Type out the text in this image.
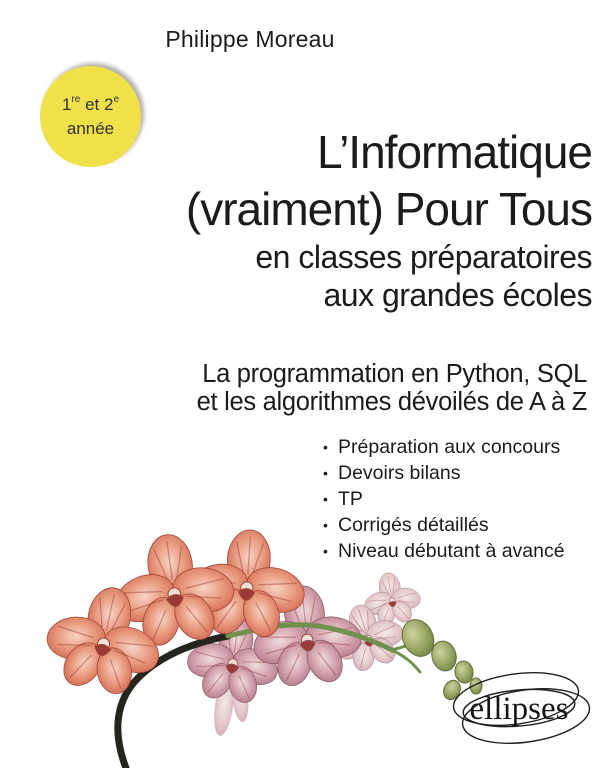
Philippe Moreau
1re et 2e
année	L’Informatique
(vraiment) Pour Tous
en classes préparatoires
aux grandes écoles
La programmation en Python, SQL
et les algorithmes dévoilés de A à Z
• Préparation aux concours
• Devoirs bilans
• TP
• Corrigés détaillés
• Niveau débutant à avancé
ellipses
